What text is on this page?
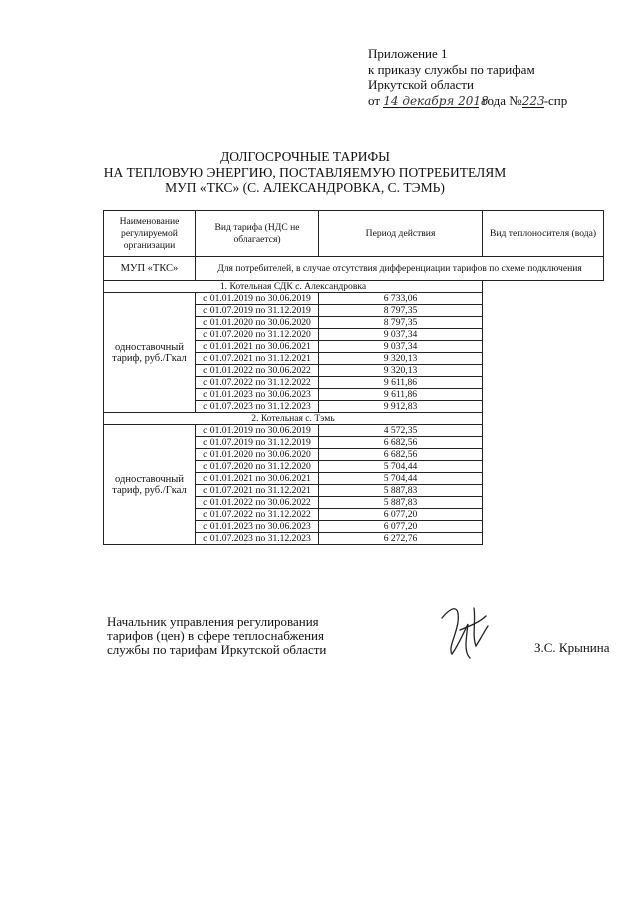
Приложение 1
к приказу службы по тарифам
Иркутской области
от 14 декабря 2018 года №223-спр
ДОЛГОСРОЧНЫЕ ТАРИФЫ
НА ТЕПЛОВУЮ ЭНЕРГИЮ, ПОСТАВЛЯЕМУЮ ПОТРЕБИТЕЛЯМ
МУП «ТКС» (С. АЛЕКСАНДРОВКА, С. ТЭМЬ)
Наименование регулируемой организации	Вид тарифа (НДС не облагается)	Период действия	Вид теплоносителя (вода)
МУП «ТКС»	Для потребителей, в случае отсутствия дифференциации тарифов по схеме подключения		
1. Котельная СДК с. Александровка			
одноставочный тариф, руб./Гкал	с 01.01.2019 по 30.06.2019	6 733,06	
	с 01.07.2019 по 31.12.2019	8 797,35	
	с 01.01.2020 по 30.06.2020	8 797,35	
	с 01.07.2020 по 31.12.2020	9 037,34	
	с 01.01.2021 по 30.06.2021	9 037,34	
	с 01.07.2021 по 31.12.2021	9 320,13	
	с 01.01.2022 по 30.06.2022	9 320,13	
	с 01.07.2022 по 31.12.2022	9 611,86	
	с 01.01.2023 по 30.06.2023	9 611,86	
	с 01.07.2023 по 31.12.2023	9 912,83	
2. Котельная с. Тэмь			
одноставочный тариф, руб./Гкал	с 01.01.2019 по 30.06.2019	4 572,35	
	с 01.07.2019 по 31.12.2019	6 682,56	
	с 01.01.2020 по 30.06.2020	6 682,56	
	с 01.07.2020 по 31.12.2020	5 704,44	
	с 01.01.2021 по 30.06.2021	5 704,44	
	с 01.07.2021 по 31.12.2021	5 887,83	
	с 01.01.2022 по 30.06.2022	5 887,83	
	с 01.07.2022 по 31.12.2022	6 077,20	
	с 01.01.2023 по 30.06.2023	6 077,20	
	с 01.07.2023 по 31.12.2023	6 272,76	
Начальник управления регулирования
тарифов (цен) в сфере теплоснабжения
службы по тарифам Иркутской области	З.С. Крынина
